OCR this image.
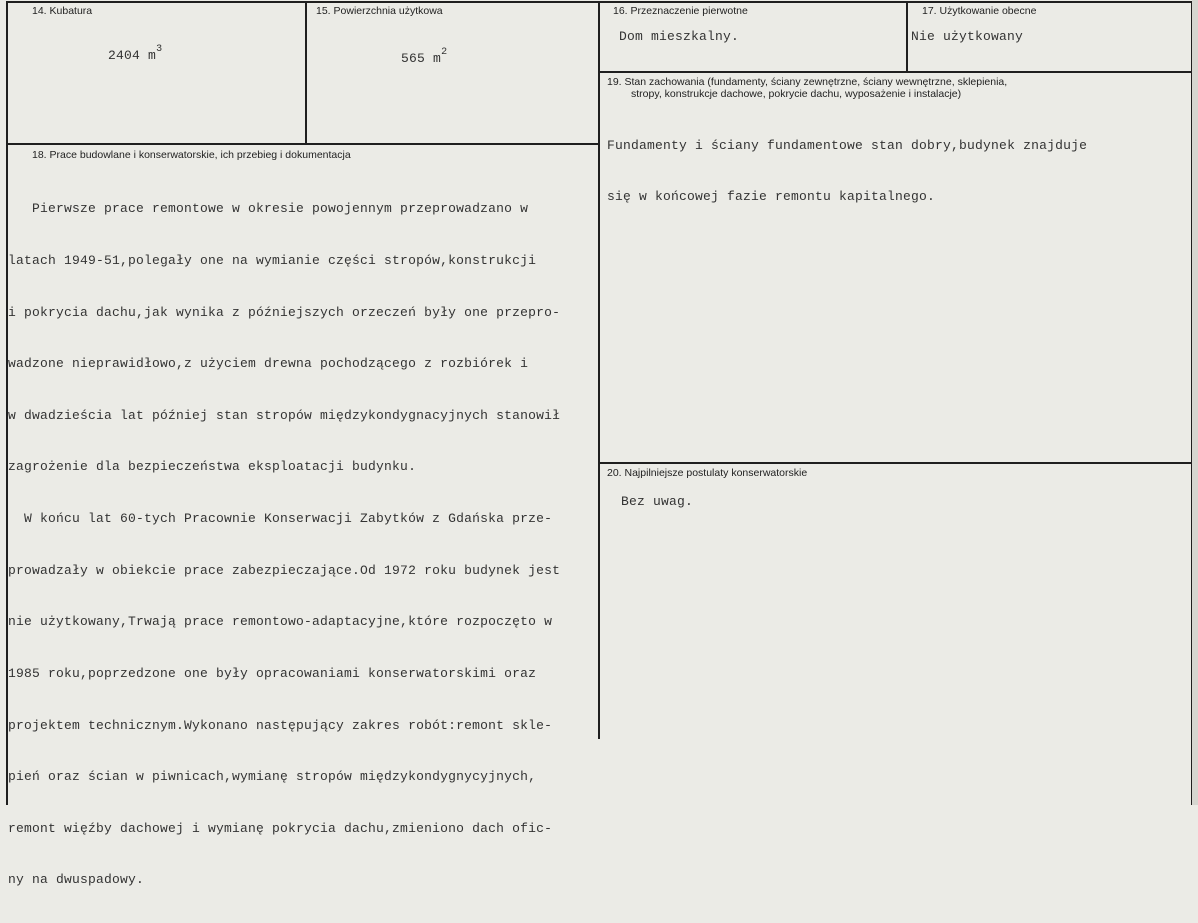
14. Kubatura

2404 $m^3$

15. Powierzchnia użytkowa

565 $m^2$

16. Przeznaczenie pierwotne
Dom mieszkalny.
17. Użytkowanie obecne
Nie użytkowany
19. Stan zachowania (fundamenty, ściany zewnętrzne, ściany wewnętrzne, sklepienia,
stropy, konstrukcje dachowe, pokrycie dachu, wyposażenie i instalacje)

Fundamenty i ściany fundamentowe stan dobry,budynek znajduje

się w końcowej fazie remontu kapitalnego.

18. Prace budowlane i konserwatorskie, ich przebieg i dokumentacja

Pierwsze prace remontowe w okresie powojennym przeprowadzano w

latach 1949-51,polegały one na wymianie części stropów,konstrukcji

i pokrycia dachu,jak wynika z późniejszych orzeczeń były one przepro-

wadzone nieprawidłowo,z użyciem drewna pochodzącego z rozbiórek i

w dwadzieścia lat później stan stropów międzykondygnacyjnych stanowił

zagrożenie dla bezpieczeństwa eksploatacji budynku.

W końcu lat 60-tych Pracownie Konserwacji Zabytków z Gdańska prze-

prowadzały w obiekcie prace zabezpieczające.Od 1972 roku budynek jest

nie użytkowany,Trwają prace remontowo-adaptacyjne,które rozpoczęto w

1985 roku,poprzedzone one były opracowaniami konserwatorskimi oraz

projektem technicznym.Wykonano następujący zakres robót:remont skle-

pień oraz ścian w piwnicach,wymianę stropów międzykondygnycyjnych,

remont więźby dachowej i wymianę pokrycia dachu,zmieniono dach ofic-

ny na dwuspadowy.

20. Najpilniejsze postulaty konserwatorskie
Bez uwag.
